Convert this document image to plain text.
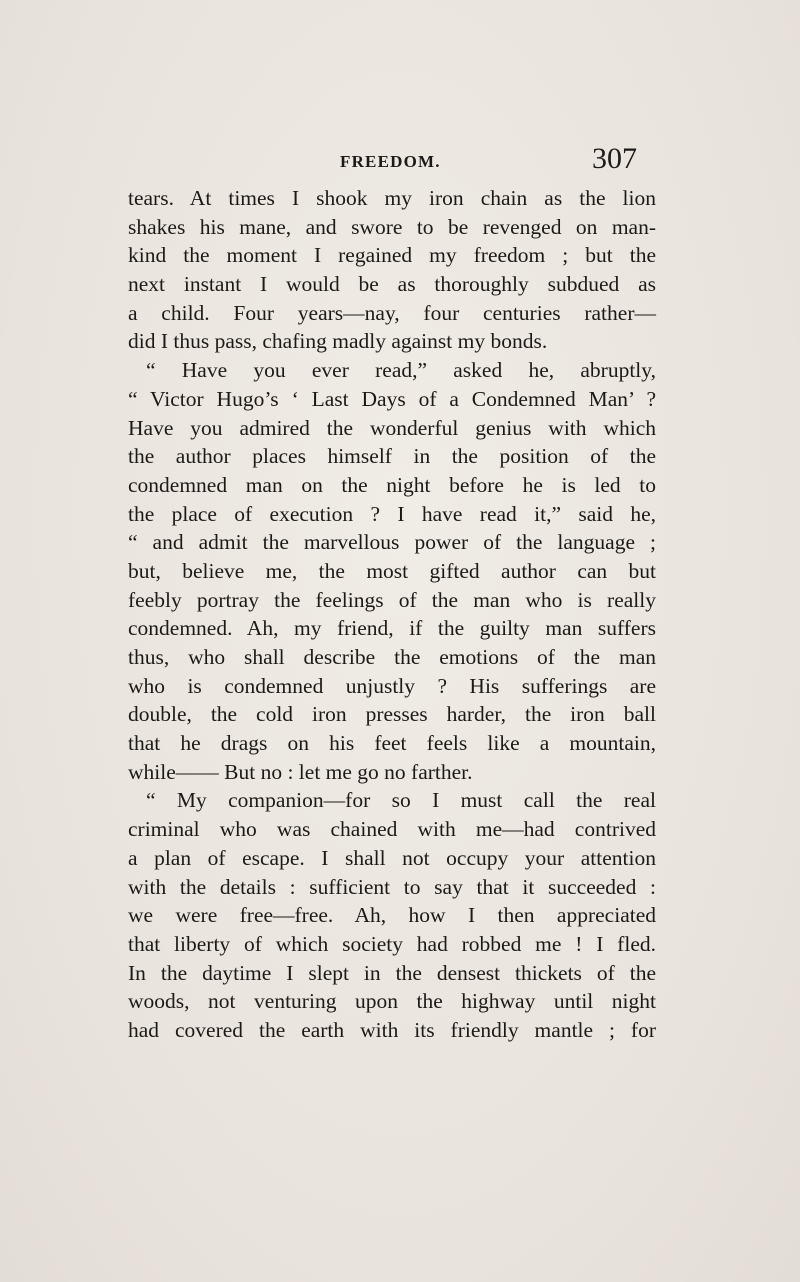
FREEDOM.	307
tears. At times I shook my iron chain as the lion
shakes his mane, and swore to be revenged on man-
kind the moment I regained my freedom ; but the
next instant I would be as thoroughly subdued as
a child. Four years—nay, four centuries rather—
did I thus pass, chafing madly against my bonds.
“ Have you ever read,” asked he, abruptly,
“ Victor Hugo’s ‘ Last Days of a Condemned Man’ ?
Have you admired the wonderful genius with which
the author places himself in the position of the
condemned man on the night before he is led to
the place of execution ? I have read it,” said he,
“ and admit the marvellous power of the language ;
but, believe me, the most gifted author can but
feebly portray the feelings of the man who is really
condemned. Ah, my friend, if the guilty man suffers
thus, who shall describe the emotions of the man
who is condemned unjustly ? His sufferings are
double, the cold iron presses harder, the iron ball
that he drags on his feet feels like a mountain,
while—— But no : let me go no farther.
“ My companion—for so I must call the real
criminal who was chained with me—had contrived
a plan of escape. I shall not occupy your attention
with the details : sufficient to say that it succeeded :
we were free—free. Ah, how I then appreciated
that liberty of which society had robbed me ! I fled.
In the daytime I slept in the densest thickets of the
woods, not venturing upon the highway until night
had covered the earth with its friendly mantle ; for
